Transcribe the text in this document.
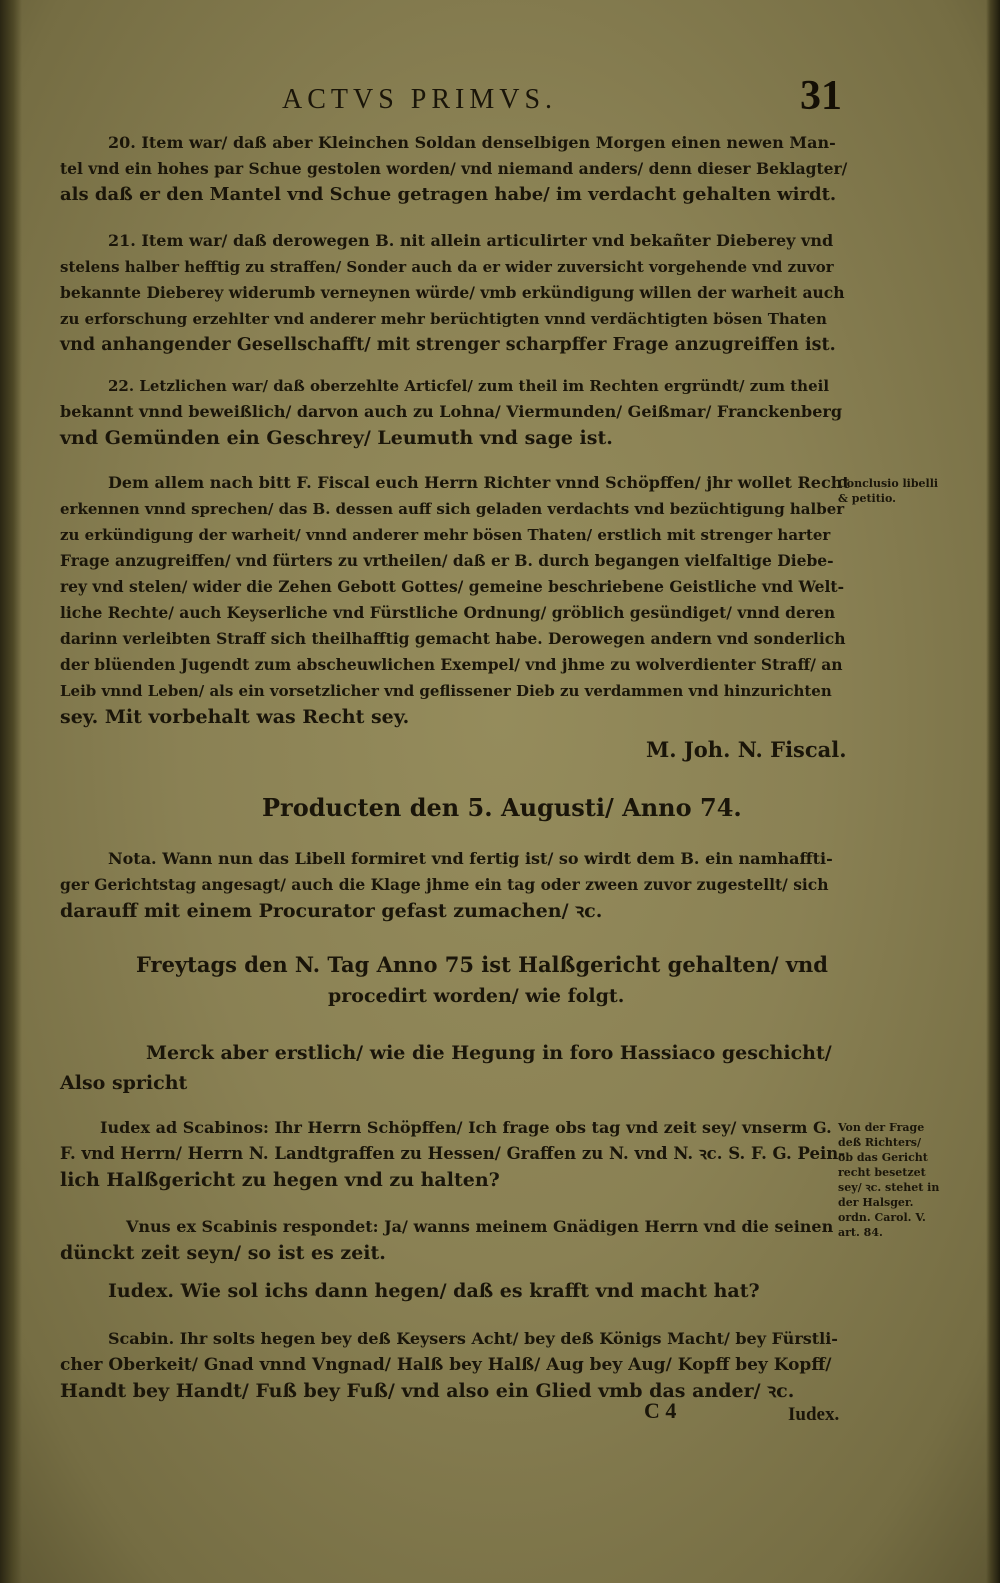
ACTVS PRIMVS.	31

20. Item war/ daß aber Kleinchen Soldan denselbigen Morgen einen newen Man-

tel vnd ein hohes par Schue gestolen worden/ vnd niemand anders/ denn dieser Beklagter/

als daß er den Mantel vnd Schue getragen habe/ im verdacht gehalten wirdt.

21. Item war/ daß derowegen B. nit allein articulirter vnd bekañter Dieberey vnd

stelens halber hefftig zu straffen/ Sonder auch da er wider zuversicht vorgehende vnd zuvor

bekannte Dieberey widerumb verneynen würde/ vmb erkündigung willen der warheit auch

zu erforschung erzehlter vnd anderer mehr berüchtigten vnnd verdächtigten bösen Thaten

vnd anhangender Gesellschafft/ mit strenger scharpffer Frage anzugreiffen ist.

22. Letzlichen war/ daß oberzehlte Articfel/ zum theil im Rechten ergründt/ zum theil

bekannt vnnd beweißlich/ darvon auch zu Lohna/ Viermunden/ Geißmar/ Franckenberg

vnd Gemünden ein Geschrey/ Leumuth vnd sage ist.

Dem allem nach bitt F. Fiscal euch Herrn Richter vnnd Schöpffen/ jhr wollet Recht

erkennen vnnd sprechen/ das B. dessen auff sich geladen verdachts vnd bezüchtigung halber

zu erkündigung der warheit/ vnnd anderer mehr bösen Thaten/ erstlich mit strenger harter

Frage anzugreiffen/ vnd fürters zu vrtheilen/ daß er B. durch begangen vielfaltige Diebe-

rey vnd stelen/ wider die Zehen Gebott Gottes/ gemeine beschriebene Geistliche vnd Welt-

liche Rechte/ auch Keyserliche vnd Fürstliche Ordnung/ gröblich gesündiget/ vnnd deren

darinn verleibten Straff sich theilhafftig gemacht habe. Derowegen andern vnd sonderlich

der blüenden Jugendt zum abscheuwlichen Exempel/ vnd jhme zu wolverdienter Straff/ an

Leib vnnd Leben/ als ein vorsetzlicher vnd geflissener Dieb zu verdammen vnd hinzurichten

sey. Mit vorbehalt was Recht sey.

Conclusio libelli

& petitio.

M. Joh. N. Fiscal.
Producten den 5. Augusti/ Anno 74.

Nota. Wann nun das Libell formiret vnd fertig ist/ so wirdt dem B. ein namhaffti-

ger Gerichtstag angesagt/ auch die Klage jhme ein tag oder zween zuvor zugestellt/ sich

darauff mit einem Procurator gefast zumachen/ ꝛc.

Freytags den N. Tag Anno 75 ist Halßgericht gehalten/ vnd
procedirt worden/ wie folgt.
Merck aber erstlich/ wie die Hegung in foro Hassiaco geschicht/
Also spricht

Iudex ad Scabinos: Ihr Herrn Schöpffen/ Ich frage obs tag vnd zeit sey/ vnserm G.

F. vnd Herrn/ Herrn N. Landtgraffen zu Hessen/ Graffen zu N. vnd N. ꝛc. S. F. G. Pein-

lich Halßgericht zu hegen vnd zu halten?

Vnus ex Scabinis respondet: Ja/ wanns meinem Gnädigen Herrn vnd die seinen

dünckt zeit seyn/ so ist es zeit.

Iudex. Wie sol ichs dann hegen/ daß es krafft vnd macht hat?

Scabin. Ihr solts hegen bey deß Keysers Acht/ bey deß Königs Macht/ bey Fürstli-

cher Oberkeit/ Gnad vnnd Vngnad/ Halß bey Halß/ Aug bey Aug/ Kopff bey Kopff/

Handt bey Handt/ Fuß bey Fuß/ vnd also ein Glied vmb das ander/ ꝛc.

Von der Frage

deß Richters/

ob das Gericht

recht besetzet

sey/ ꝛc. stehet in

der Halsger.

ordn. Carol. V.

art. 84.

C 4	Iudex.
